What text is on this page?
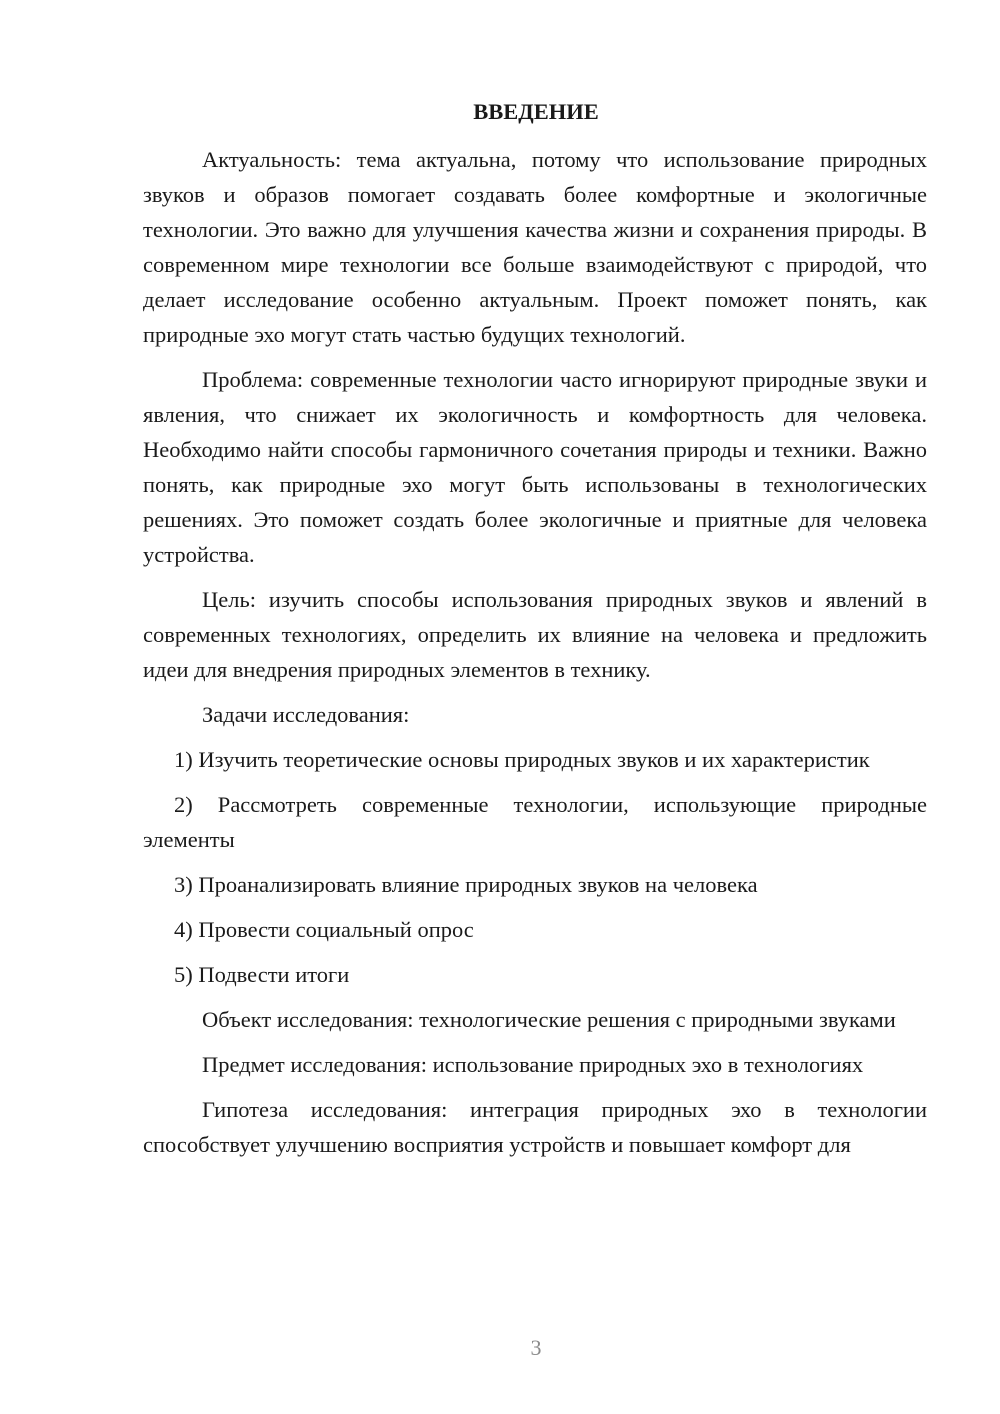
ВВЕДЕНИЕ

Актуальность: тема актуальна, потому что использование природных звуков и образов помогает создавать более комфортные и экологичные технологии. Это важно для улучшения качества жизни и сохранения природы. В современном мире технологии все больше взаимодействуют с природой, что делает исследование особенно актуальным. Проект поможет понять, как природные эхо могут стать частью будущих технологий.

Проблема: современные технологии часто игнорируют природные звуки и явления, что снижает их экологичность и комфортность для человека. Необходимо найти способы гармоничного сочетания природы и техники. Важно понять, как природные эхо могут быть использованы в технологических решениях. Это поможет создать более экологичные и приятные для человека устройства.

Цель: изучить способы использования природных звуков и явлений в современных технологиях, определить их влияние на человека и предложить идеи для внедрения природных элементов в технику.

Задачи исследования:

1) Изучить теоретические основы природных звуков и их характеристик

2) Рассмотреть современные технологии, использующие природные элементы

3) Проанализировать влияние природных звуков на человека

4) Провести социальный опрос

5) Подвести итоги

Объект исследования: технологические решения с природными звуками

Предмет исследования: использование природных эхо в технологиях

Гипотеза исследования: интеграция природных эхо в технологии способствует улучшению восприятия устройств и повышает комфорт для

3
